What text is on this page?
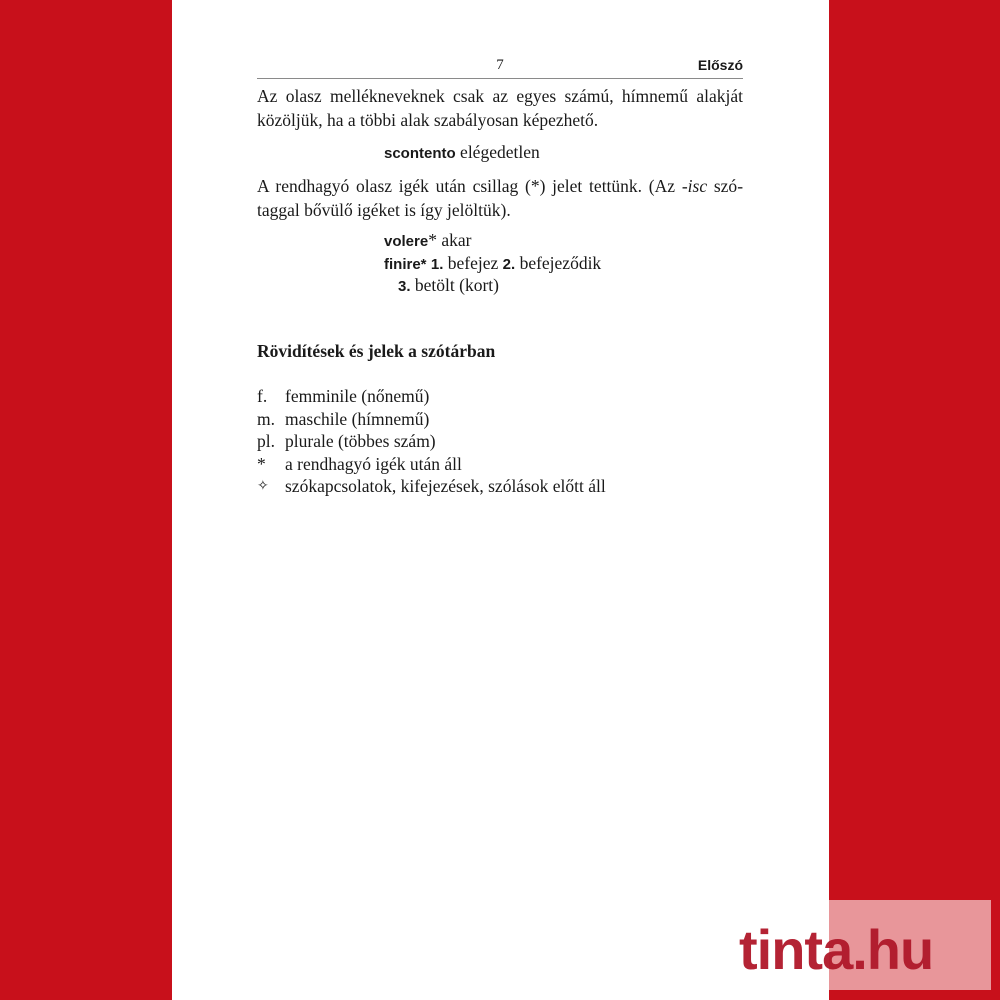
7	Előszó

Az olasz mellékneveknek csak az egyes számú, hímnemű alakját közöljük, ha a többi alak szabályosan képezhető.

scontento elégedetlen

A rendhagyó olasz igék után csillag (*) jelet tettünk. (Az -isc szótaggal bővülő igéket is így jelöltük).

volere* akar
finire* 1. befejez 2. befejeződik
3. betölt (kort)
Rövidítések és jelek a szótárban
f. femminile (nőnemű)
m. maschile (hímnemű)
pl. plurale (többes szám)
* a rendhagyó igék után áll
✧ szókapcsolatok, kifejezések, szólások előtt áll
tinta.hu
